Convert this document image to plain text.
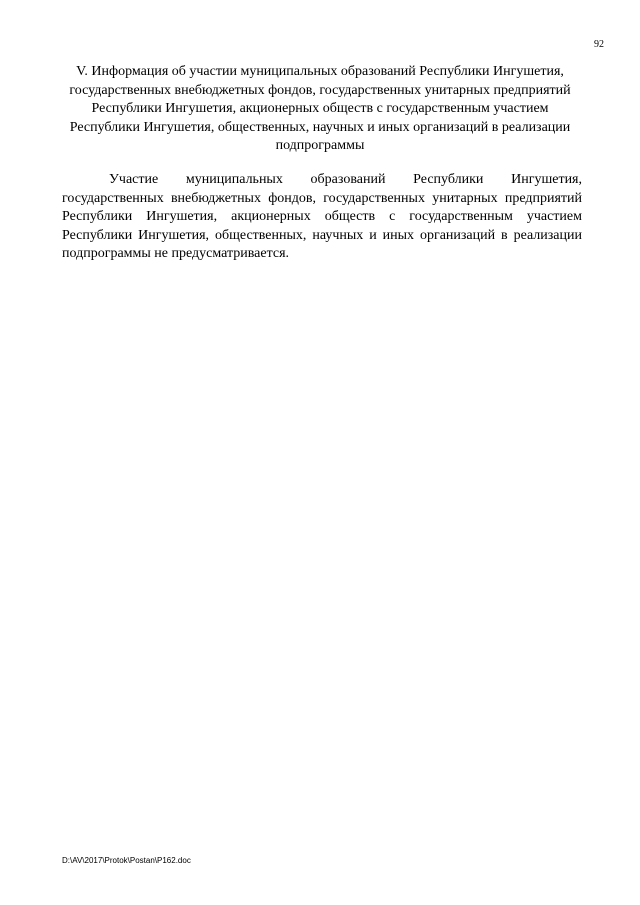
92
V. Информация об участии муниципальных образований Республики Ингушетия, государственных внебюджетных фондов, государственных унитарных предприятий Республики Ингушетия, акционерных обществ с государственным участием Республики Ингушетия, общественных, научных и иных организаций в реализации подпрограммы

Участие муниципальных образований Республики Ингушетия, государственных внебюджетных фондов, государственных унитарных предприятий Республики Ингушетия, акционерных обществ с государственным участием Республики Ингушетия, общественных, научных и иных организаций в реализации подпрограммы не предусматривается.

D:\AV\2017\Protok\Postan\P162.doc
